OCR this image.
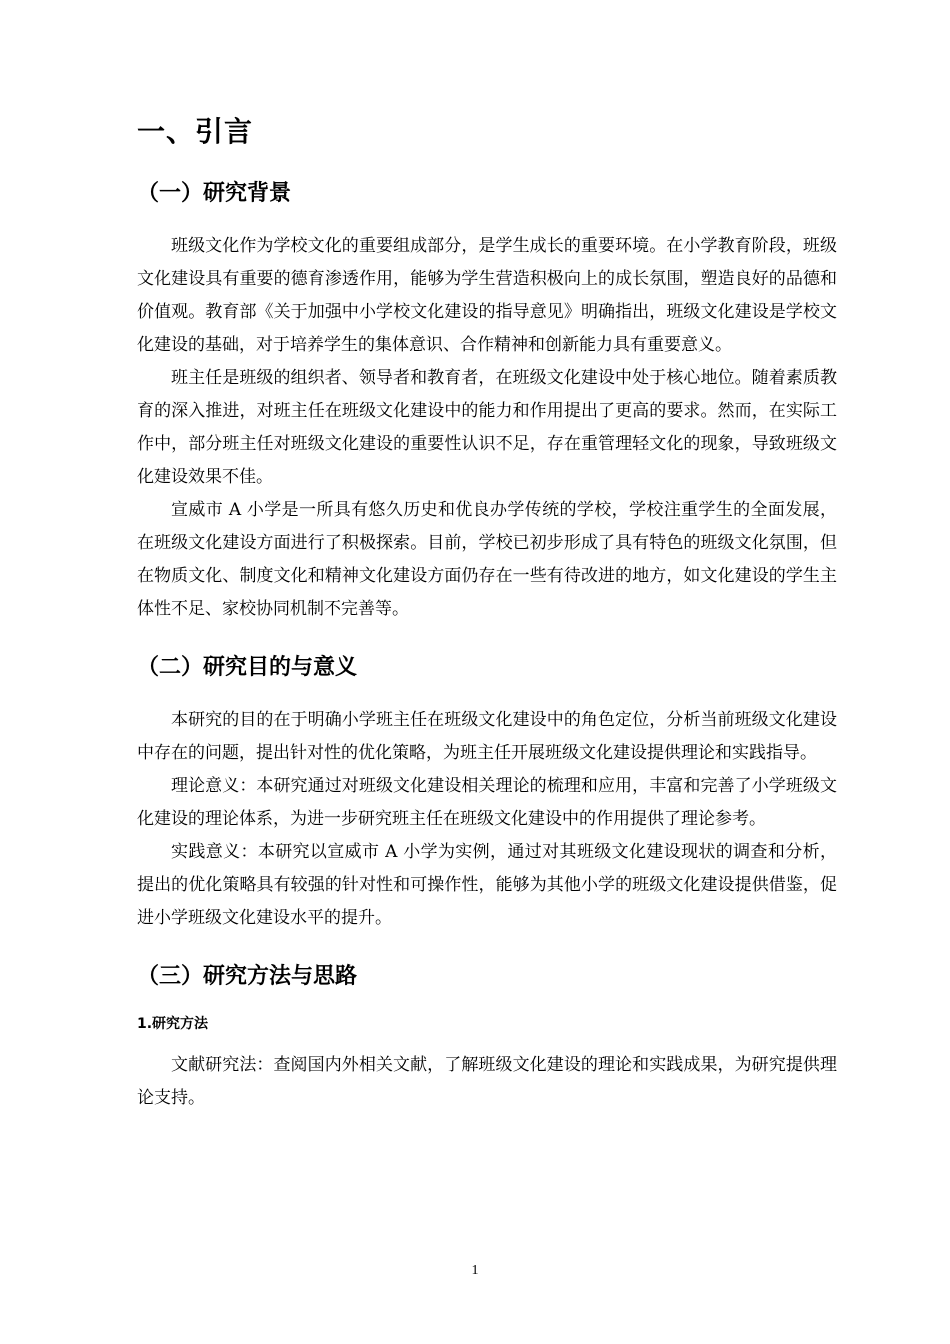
一、引言
（一）研究背景

班级文化作为学校文化的重要组成部分，是学生成长的重要环境。在小学教育阶段，班级文化建设具有重要的德育渗透作用，能够为学生营造积极向上的成长氛围，塑造良好的品德和价值观。教育部《关于加强中小学校文化建设的指导意见》明确指出，班级文化建设是学校文化建设的基础，对于培养学生的集体意识、合作精神和创新能力具有重要意义。

班主任是班级的组织者、领导者和教育者，在班级文化建设中处于核心地位。随着素质教育的深入推进，对班主任在班级文化建设中的能力和作用提出了更高的要求。然而，在实际工作中，部分班主任对班级文化建设的重要性认识不足，存在重管理轻文化的现象，导致班级文化建设效果不佳。

宣威市 A 小学是一所具有悠久历史和优良办学传统的学校，学校注重学生的全面发展，在班级文化建设方面进行了积极探索。目前，学校已初步形成了具有特色的班级文化氛围，但在物质文化、制度文化和精神文化建设方面仍存在一些有待改进的地方，如文化建设的学生主体性不足、家校协同机制不完善等。

（二）研究目的与意义

本研究的目的在于明确小学班主任在班级文化建设中的角色定位，分析当前班级文化建设中存在的问题，提出针对性的优化策略，为班主任开展班级文化建设提供理论和实践指导。

理论意义：本研究通过对班级文化建设相关理论的梳理和应用，丰富和完善了小学班级文化建设的理论体系，为进一步研究班主任在班级文化建设中的作用提供了理论参考。

实践意义：本研究以宣威市 A 小学为实例，通过对其班级文化建设现状的调查和分析，提出的优化策略具有较强的针对性和可操作性，能够为其他小学的班级文化建设提供借鉴，促进小学班级文化建设水平的提升。

（三）研究方法与思路
1.研究方法

文献研究法：查阅国内外相关文献，了解班级文化建设的理论和实践成果，为研究提供理论支持。

1
